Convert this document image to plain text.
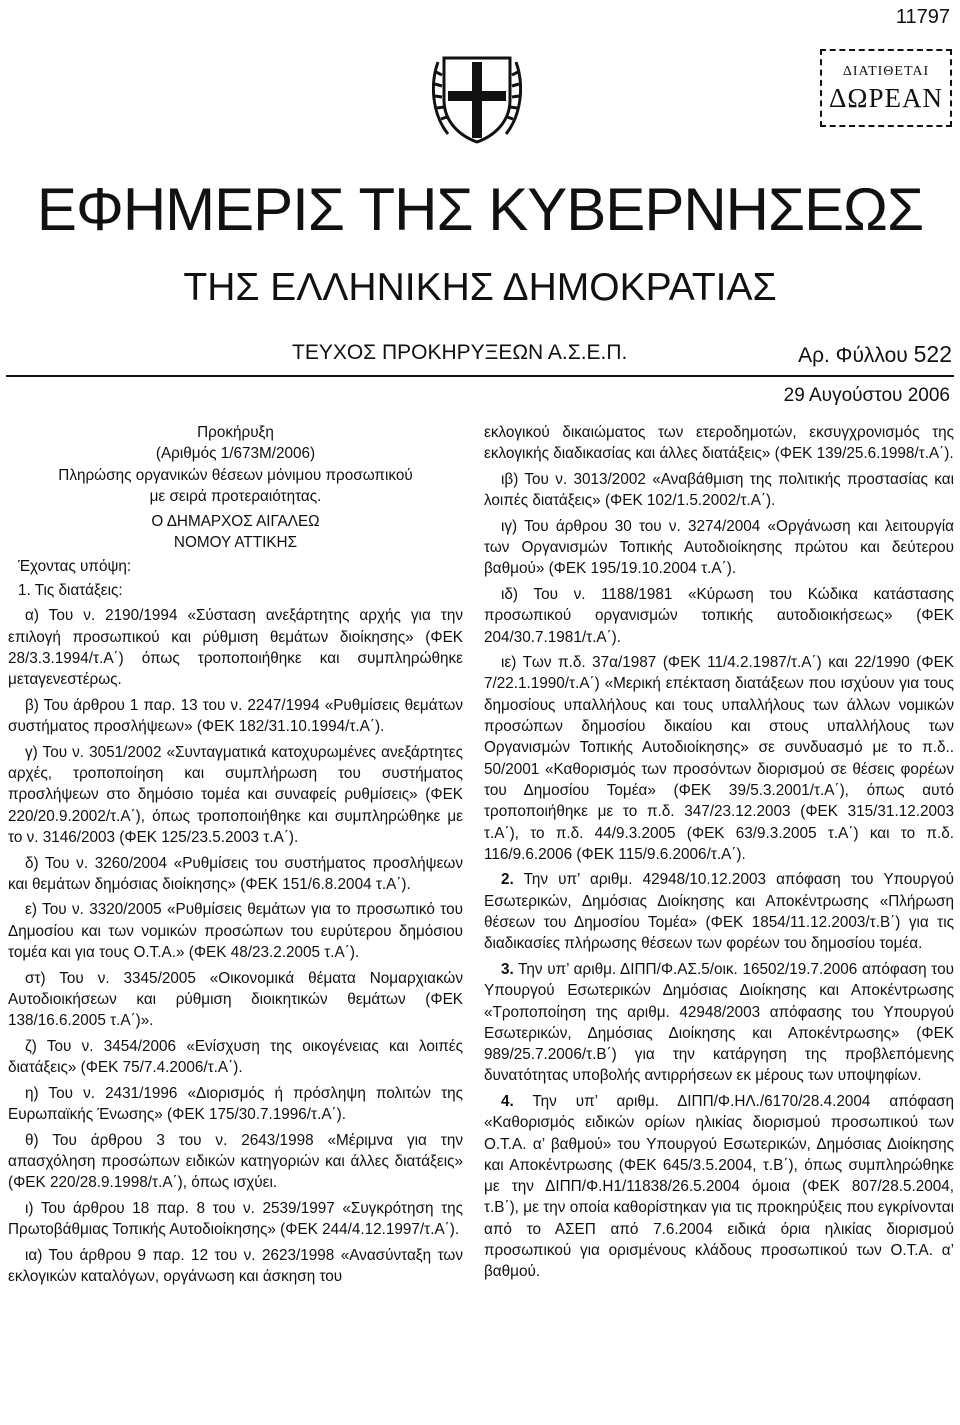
11797
ΔΙΑΤΙΘΕΤΑΙ
ΔΩΡΕΑΝ
ΕΦΗΜΕΡΙΣ ΤΗΣ ΚΥΒΕΡΝΗΣΕΩΣ
ΤΗΣ ΕΛΛΗΝΙΚΗΣ ΔΗΜΟΚΡΑΤΙΑΣ
ΤΕΥΧΟΣ ΠΡΟΚΗΡΥΞΕΩΝ Α.Σ.Ε.Π.	Αρ. Φύλλου 522
29 Αυγούστου 2006
Προκήρυξη
(Αριθμός 1/673Μ/2006)
Πληρώσης οργανικών θέσεων μόνιμου προσωπικού
με σειρά προτεραιότητας.
Ο ΔΗΜΑΡΧΟΣ ΑΙΓΑΛΕΩ
ΝΟΜΟΥ ΑΤΤΙΚΗΣ
Έχοντας υπόψη:
1. Τις διατάξεις:

α) Του ν. 2190/1994 «Σύσταση ανεξάρτητης αρχής για την επιλογή προσωπικού και ρύθμιση θεμάτων διοίκησης» (ΦΕΚ 28/3.3.1994/τ.Α΄) όπως τροποποιήθηκε και συμπληρώθηκε μεταγενεστέρως.

β) Του άρθρου 1 παρ. 13 του ν. 2247/1994 «Ρυθμίσεις θεμάτων συστήματος προσλήψεων» (ΦΕΚ 182/31.10.1994/τ.Α΄).

γ) Του ν. 3051/2002 «Συνταγματικά κατοχυρωμένες ανεξάρτητες αρχές, τροποποίηση και συμπλήρωση του συστήματος προσλήψεων στο δημόσιο τομέα και συναφείς ρυθμίσεις» (ΦΕΚ 220/20.9.2002/τ.Α΄), όπως τροποποιήθηκε και συμπληρώθηκε με το ν. 3146/2003 (ΦΕΚ 125/23.5.2003 τ.Α΄).

δ) Του ν. 3260/2004 «Ρυθμίσεις του συστήματος προσλήψεων και θεμάτων δημόσιας διοίκησης» (ΦΕΚ 151/6.8.2004 τ.Α΄).

ε) Του ν. 3320/2005 «Ρυθμίσεις θεμάτων για το προσωπικό του Δημοσίου και των νομικών προσώπων του ευρύτερου δημόσιου τομέα και για τους Ο.Τ.Α.» (ΦΕΚ 48/23.2.2005 τ.Α΄).

στ) Του ν. 3345/2005 «Οικονομικά θέματα Νομαρχιακών Αυτοδιοικήσεων και ρύθμιση διοικητικών θεμάτων (ΦΕΚ 138/16.6.2005 τ.Α΄)».

ζ) Του ν. 3454/2006 «Ενίσχυση της οικογένειας και λοιπές διατάξεις» (ΦΕΚ 75/7.4.2006/τ.Α΄).

η) Του ν. 2431/1996 «Διορισμός ή πρόσληψη πολιτών της Ευρωπαϊκής Ένωσης» (ΦΕΚ 175/30.7.1996/τ.Α΄).

θ) Του άρθρου 3 του ν. 2643/1998 «Μέριμνα για την απασχόληση προσώπων ειδικών κατηγοριών και άλλες διατάξεις» (ΦΕΚ 220/28.9.1998/τ.Α΄), όπως ισχύει.

ι) Του άρθρου 18 παρ. 8 του ν. 2539/1997 «Συγκρότηση της Πρωτοβάθμιας Τοπικής Αυτοδιοίκησης» (ΦΕΚ 244/4.12.1997/τ.Α΄).

ια) Του άρθρου 9 παρ. 12 του ν. 2623/1998 «Ανασύνταξη των εκλογικών καταλόγων, οργάνωση και άσκηση του

εκλογικού δικαιώματος των ετεροδημοτών, εκσυγχρονισμός της εκλογικής διαδικασίας και άλλες διατάξεις» (ΦΕΚ 139/25.6.1998/τ.Α΄).

ιβ) Του ν. 3013/2002 «Αναβάθμιση της πολιτικής προστασίας και λοιπές διατάξεις» (ΦΕΚ 102/1.5.2002/τ.Α΄).

ιγ) Του άρθρου 30 του ν. 3274/2004 «Οργάνωση και λειτουργία των Οργανισμών Τοπικής Αυτοδιοίκησης πρώτου και δεύτερου βαθμού» (ΦΕΚ 195/19.10.2004 τ.Α΄).

ιδ) Του ν. 1188/1981 «Κύρωση του Κώδικα κατάστασης προσωπικού οργανισμών τοπικής αυτοδιοικήσεως» (ΦΕΚ 204/30.7.1981/τ.Α΄).

ιε) Των π.δ. 37α/1987 (ΦΕΚ 11/4.2.1987/τ.Α΄) και 22/1990 (ΦΕΚ 7/22.1.1990/τ.Α΄) «Μερική επέκταση διατάξεων που ισχύουν για τους δημοσίους υπαλλήλους και τους υπαλλήλους των άλλων νομικών προσώπων δημοσίου δικαίου και στους υπαλλήλους των Οργανισμών Τοπικής Αυτοδιοίκησης» σε συνδυασμό με το π.δ.. 50/2001 «Καθορισμός των προσόντων διορισμού σε θέσεις φορέων του Δημοσίου Τομέα» (ΦΕΚ 39/5.3.2001/τ.Α΄), όπως αυτό τροποποιήθηκε με το π.δ. 347/23.12.2003 (ΦΕΚ 315/31.12.2003 τ.Α΄), το π.δ. 44/9.3.2005 (ΦΕΚ 63/9.3.2005 τ.Α΄) και το π.δ. 116/9.6.2006 (ΦΕΚ 115/9.6.2006/τ.Α΄).

2. Την υπ’ αριθμ. 42948/10.12.2003 απόφαση του Υπουργού Εσωτερικών, Δημόσιας Διοίκησης και Αποκέντρωσης «Πλήρωση θέσεων του Δημοσίου Τομέα» (ΦΕΚ 1854/11.12.2003/τ.Β΄) για τις διαδικασίες πλήρωσης θέσεων των φορέων του δημοσίου τομέα.

3. Την υπ’ αριθμ. ΔΙΠΠ/Φ.ΑΣ.5/οικ. 16502/19.7.2006 απόφαση του Υπουργού Εσωτερικών Δημόσιας Διοίκησης και Αποκέντρωσης «Τροποποίηση της αριθμ. 42948/2003 απόφασης του Υπουργού Εσωτερικών, Δημόσιας Διοίκησης και Αποκέντρωσης» (ΦΕΚ 989/25.7.2006/τ.Β΄) για την κατάργηση της προβλεπόμενης δυνατότητας υποβολής αντιρρήσεων εκ μέρους των υποψηφίων.

4. Την υπ’ αριθμ. ΔΙΠΠ/Φ.ΗΛ./6170/28.4.2004 απόφαση «Καθορισμός ειδικών ορίων ηλικίας διορισμού προσωπικού των Ο.Τ.Α. α’ βαθμού» του Υπουργού Εσωτερικών, Δημόσιας Διοίκησης και Αποκέντρωσης (ΦΕΚ 645/3.5.2004, τ.Β΄), όπως συμπληρώθηκε με την ΔΙΠΠ/Φ.Η1/11838/26.5.2004 όμοια (ΦΕΚ 807/28.5.2004, τ.Β΄), με την οποία καθορίστηκαν για τις προκηρύξεις που εγκρίνονται από το ΑΣΕΠ από 7.6.2004 ειδικά όρια ηλικίας διορισμού προσωπικού για ορισμένους κλάδους προσωπικού των Ο.Τ.Α. α’ βαθμού.
